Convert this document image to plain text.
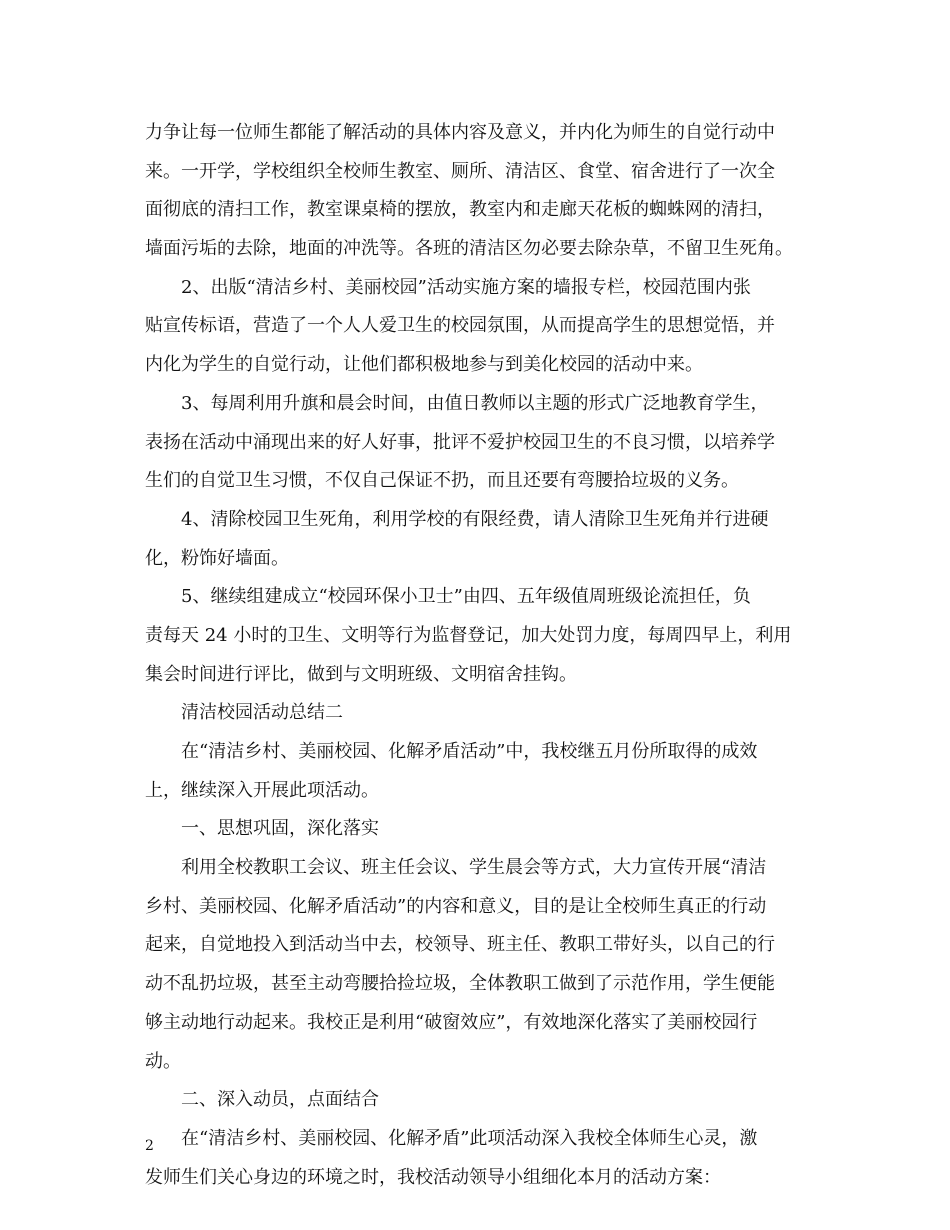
力争让每一位师生都能了解活动的具体内容及意义，并内化为师生的自觉行动中
来。一开学，学校组织全校师生教室、厕所、清洁区、食堂、宿舍进行了一次全
面彻底的清扫工作，教室课桌椅的摆放，教室内和走廊天花板的蜘蛛网的清扫，
墙面污垢的去除，地面的冲洗等。各班的清洁区勿必要去除杂草，不留卫生死角。
2、出版“清洁乡村、美丽校园”活动实施方案的墙报专栏，校园范围内张
贴宣传标语，营造了一个人人爱卫生的校园氛围，从而提高学生的思想觉悟，并
内化为学生的自觉行动，让他们都积极地参与到美化校园的活动中来。
3、每周利用升旗和晨会时间，由值日教师以主题的形式广泛地教育学生，
表扬在活动中涌现出来的好人好事，批评不爱护校园卫生的不良习惯，以培养学
生们的自觉卫生习惯，不仅自己保证不扔，而且还要有弯腰拾垃圾的义务。
4、清除校园卫生死角，利用学校的有限经费，请人清除卫生死角并行进硬
化，粉饰好墙面。
5、继续组建成立“校园环保小卫士”由四、五年级值周班级论流担任，负
责每天 24 小时的卫生、文明等行为监督登记，加大处罚力度，每周四早上，利用
集会时间进行评比，做到与文明班级、文明宿舍挂钩。
清洁校园活动总结二
在“清洁乡村、美丽校园、化解矛盾活动”中，我校继五月份所取得的成效
上，继续深入开展此项活动。
一、思想巩固，深化落实
利用全校教职工会议、班主任会议、学生晨会等方式，大力宣传开展“清洁
乡村、美丽校园、化解矛盾活动”的内容和意义，目的是让全校师生真正的行动
起来，自觉地投入到活动当中去，校领导、班主任、教职工带好头，以自己的行
动不乱扔垃圾，甚至主动弯腰拾捡垃圾，全体教职工做到了示范作用，学生便能
够主动地行动起来。我校正是利用“破窗效应”，有效地深化落实了美丽校园行
动。
二、深入动员，点面结合
在“清洁乡村、美丽校园、化解矛盾”此项活动深入我校全体师生心灵，激
发师生们关心身边的环境之时，我校活动领导小组细化本月的活动方案：
2
